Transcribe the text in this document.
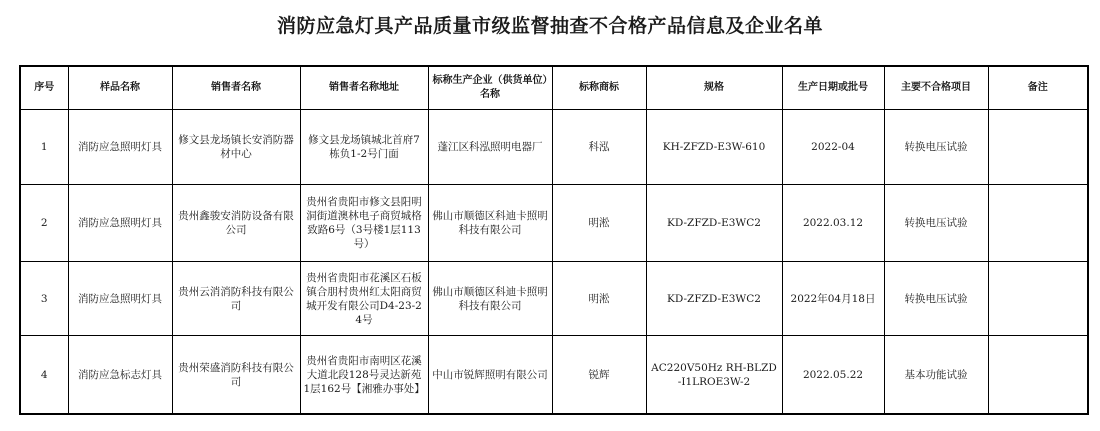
消防应急灯具产品质量市级监督抽查不合格产品信息及企业名单
序号	样品名称	销售者名称	销售者名称地址	标称生产企业（供货单位）名称	标称商标	规格	生产日期或批号	主要不合格项目	备注
1	消防应急照明灯具	修文县龙场镇长安消防器材中心	修文县龙场镇城北首府7栋负1-2号门面	蓬江区科泓照明电器厂	科泓	KH-ZFZD-E3W-610	2022-04	转换电压试验	
2	消防应急照明灯具	贵州鑫骏安消防设备有限公司	贵州省贵阳市修文县阳明洞街道澳林电子商贸城格致路6号（3号楼1层113号）	佛山市顺德区科迪卡照明科技有限公司	明淞	KD-ZFZD-E3WC2	2022.03.12	转换电压试验	
3	消防应急照明灯具	贵州云消消防科技有限公司	贵州省贵阳市花溪区石板镇合朋村贵州红太阳商贸城开发有限公司D4-23-24号	佛山市顺德区科迪卡照明科技有限公司	明淞	KD-ZFZD-E3WC2	2022年04月18日	转换电压试验	
4	消防应急标志灯具	贵州荣盛消防科技有限公司	贵州省贵阳市南明区花溪大道北段128号灵达新苑1层162号【湘雅办事处】	中山市锐辉照明有限公司	锐辉	AC220V50Hz RH-BLZD-Ⅰ1LROE3W-2	2022.05.22	基本功能试验	
